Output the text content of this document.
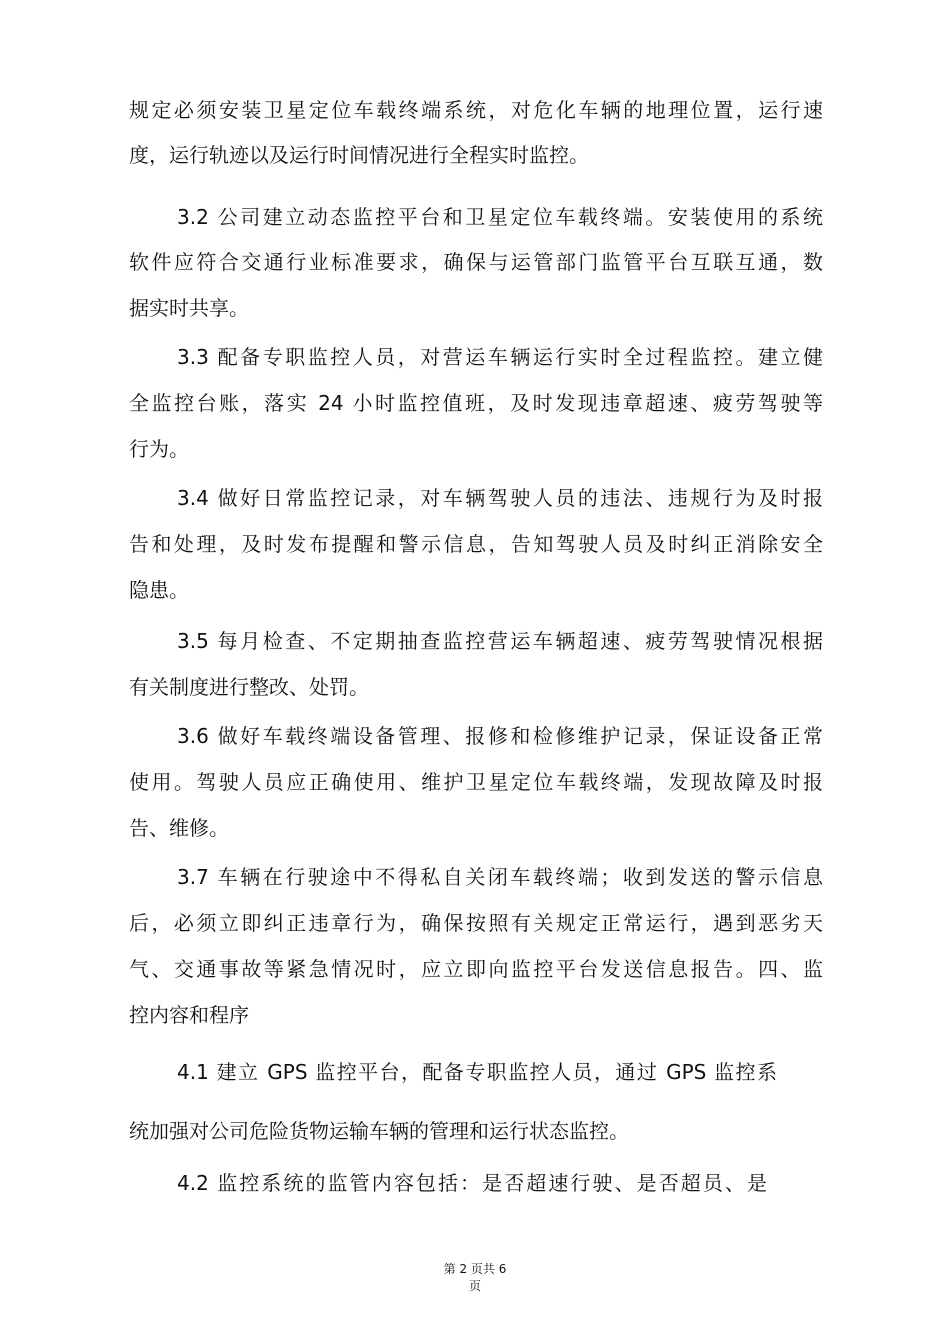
规定必须安装卫星定位车载终端系统，对危化车辆的地理位置，运行速
度，运行轨迹以及运行时间情况进行全程实时监控。
3.2 公司建立动态监控平台和卫星定位车载终端。安装使用的系统
软件应符合交通行业标准要求，确保与运管部门监管平台互联互通，数
据实时共享。
3.3 配备专职监控人员，对营运车辆运行实时全过程监控。建立健
全监控台账，落实 24 小时监控值班，及时发现违章超速、疲劳驾驶等
行为。
3.4 做好日常监控记录，对车辆驾驶人员的违法、违规行为及时报
告和处理，及时发布提醒和警示信息，告知驾驶人员及时纠正消除安全
隐患。
3.5 每月检查、不定期抽查监控营运车辆超速、疲劳驾驶情况根据
有关制度进行整改、处罚。
3.6 做好车载终端设备管理、报修和检修维护记录，保证设备正常
使用。驾驶人员应正确使用、维护卫星定位车载终端，发现故障及时报
告、维修。
3.7 车辆在行驶途中不得私自关闭车载终端；收到发送的警示信息
后，必须立即纠正违章行为，确保按照有关规定正常运行，遇到恶劣天
气、交通事故等紧急情况时，应立即向监控平台发送信息报告。四、监
控内容和程序
4.1 建立 GPS 监控平台，配备专职监控人员，通过 GPS 监控系
统加强对公司危险货物运输车辆的管理和运行状态监控。
4.2 监控系统的监管内容包括：是否超速行驶、是否超员、是
第 2 页共 6
页
